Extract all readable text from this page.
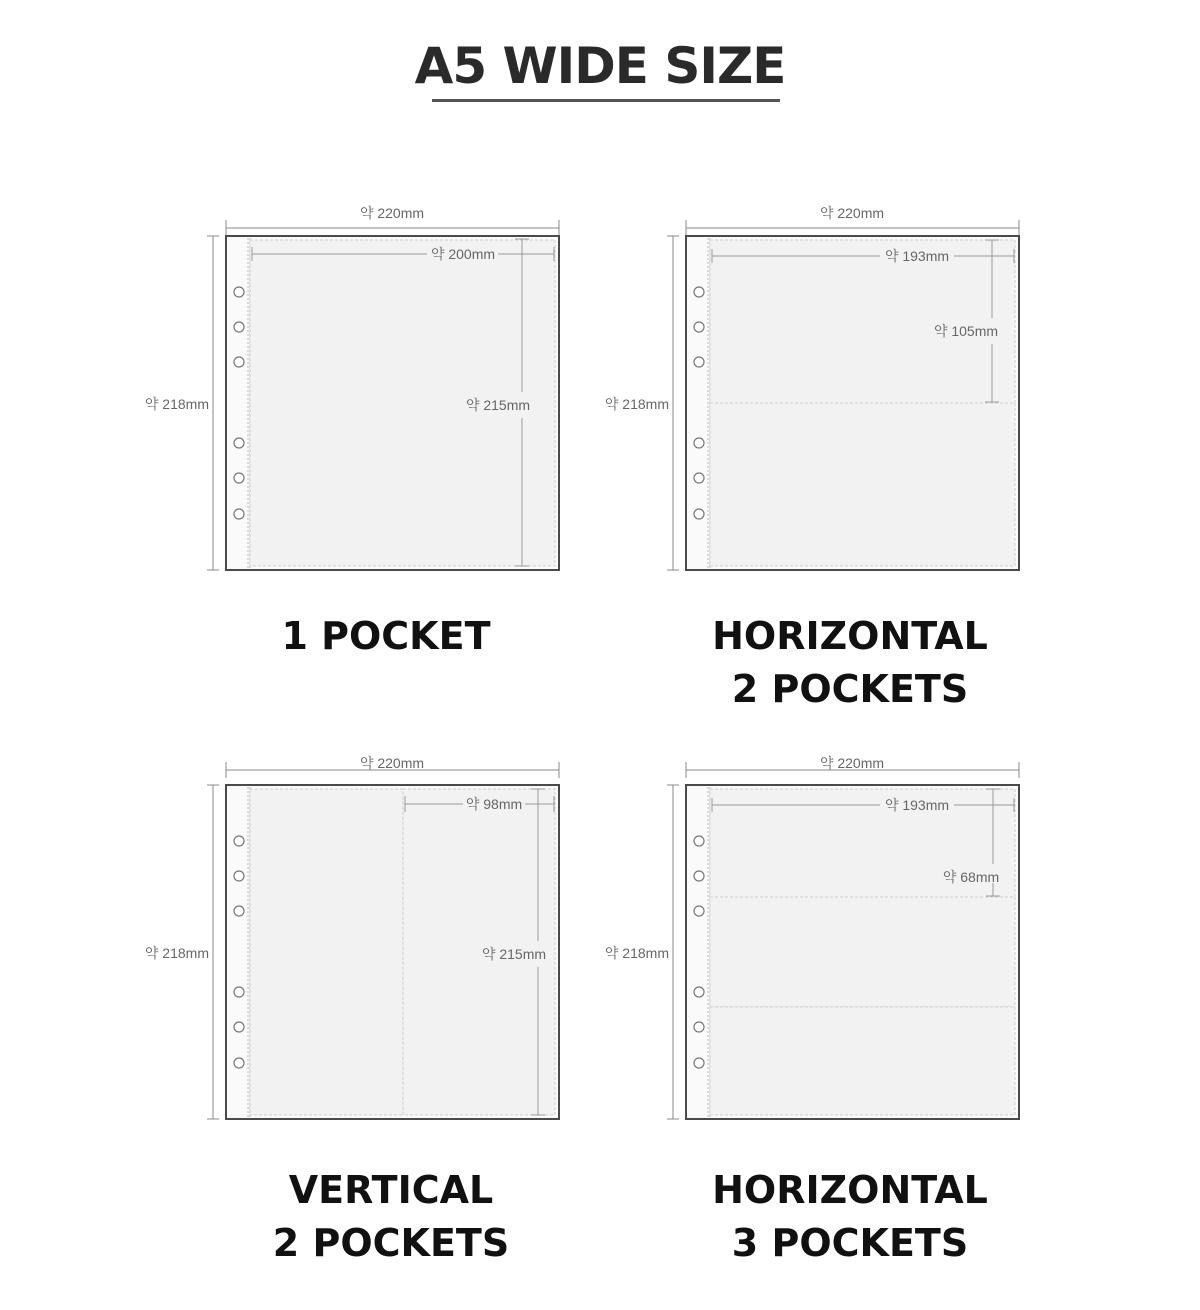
A5 WIDE SIZE
약 220mm
약 218mm
약 200mm
약 215mm
1 POCKET
약 220mm
약 218mm
약 193mm
약 105mm
HORIZONTAL
2 POCKETS
약 220mm
약 218mm
약 98mm
약 215mm
VERTICAL
2 POCKETS
약 220mm
약 218mm
약 193mm
약 68mm
HORIZONTAL
3 POCKETS
